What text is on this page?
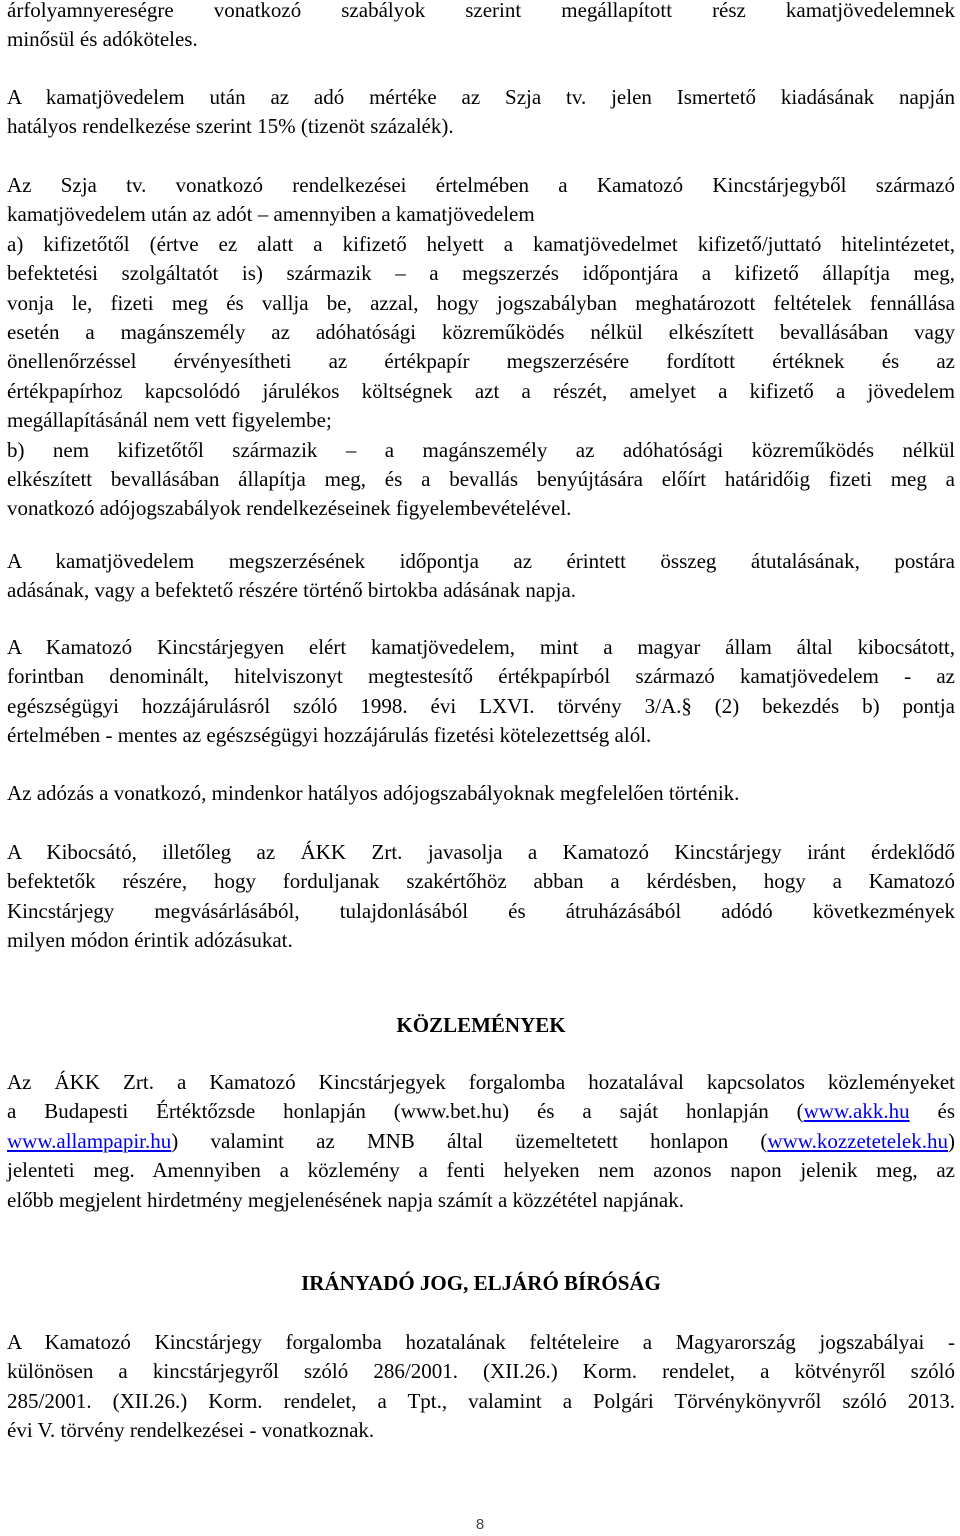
árfolyamnyereségre vonatkozó szabályok szerint megállapított rész kamatjövedelemnek
minősül és adóköteles.
A kamatjövedelem után az adó mértéke az Szja tv. jelen Ismertető kiadásának napján
hatályos rendelkezése szerint 15% (tizenöt százalék).
Az Szja tv. vonatkozó rendelkezései értelmében a Kamatozó Kincstárjegyből származó
kamatjövedelem után az adót – amennyiben a kamatjövedelem
a) kifizetőtől (értve ez alatt a kifizető helyett a kamatjövedelmet kifizető/juttató hitelintézetet,
befektetési szolgáltatót is) származik – a megszerzés időpontjára a kifizető állapítja meg,
vonja le, fizeti meg és vallja be, azzal, hogy jogszabályban meghatározott feltételek fennállása
esetén a magánszemély az adóhatósági közreműködés nélkül elkészített bevallásában vagy
önellenőrzéssel érvényesítheti az értékpapír megszerzésére fordított értéknek és az
értékpapírhoz kapcsolódó járulékos költségnek azt a részét, amelyet a kifizető a jövedelem
megállapításánál nem vett figyelembe;
b) nem kifizetőtől származik – a magánszemély az adóhatósági közreműködés nélkül
elkészített bevallásában állapítja meg, és a bevallás benyújtására előírt határidőig fizeti meg a
vonatkozó adójogszabályok rendelkezéseinek figyelembevételével.
A kamatjövedelem megszerzésének időpontja az érintett összeg átutalásának, postára
adásának, vagy a befektető részére történő birtokba adásának napja.
A Kamatozó Kincstárjegyen elért kamatjövedelem, mint a magyar állam által kibocsátott,
forintban denominált, hitelviszonyt megtestesítő értékpapírból származó kamatjövedelem - az
egészségügyi hozzájárulásról szóló 1998. évi LXVI. törvény 3/A.§ (2) bekezdés b) pontja
értelmében - mentes az egészségügyi hozzájárulás fizetési kötelezettség alól.
Az adózás a vonatkozó, mindenkor hatályos adójogszabályoknak megfelelően történik.
A Kibocsátó, illetőleg az ÁKK Zrt. javasolja a Kamatozó Kincstárjegy iránt érdeklődő
befektetők részére, hogy forduljanak szakértőhöz abban a kérdésben, hogy a Kamatozó
Kincstárjegy megvásárlásából, tulajdonlásából és átruházásából adódó következmények
milyen módon érintik adózásukat.
KÖZLEMÉNYEK
Az ÁKK Zrt. a Kamatozó Kincstárjegyek forgalomba hozatalával kapcsolatos közleményeket
a Budapesti Értéktőzsde honlapján (www.bet.hu) és a saját honlapján (www.akk.hu és
www.allampapir.hu) valamint az MNB által üzemeltetett honlapon (www.kozzetetelek.hu)
jelenteti meg. Amennyiben a közlemény a fenti helyeken nem azonos napon jelenik meg, az
előbb megjelent hirdetmény megjelenésének napja számít a közzététel napjának.
IRÁNYADÓ JOG, ELJÁRÓ BÍRÓSÁG
A Kamatozó Kincstárjegy forgalomba hozatalának feltételeire a Magyarország jogszabályai -
különösen a kincstárjegyről szóló 286/2001. (XII.26.) Korm. rendelet, a kötvényről szóló
285/2001. (XII.26.) Korm. rendelet, a Tpt., valamint a Polgári Törvénykönyvről szóló 2013.
évi V. törvény rendelkezései - vonatkoznak.
8
